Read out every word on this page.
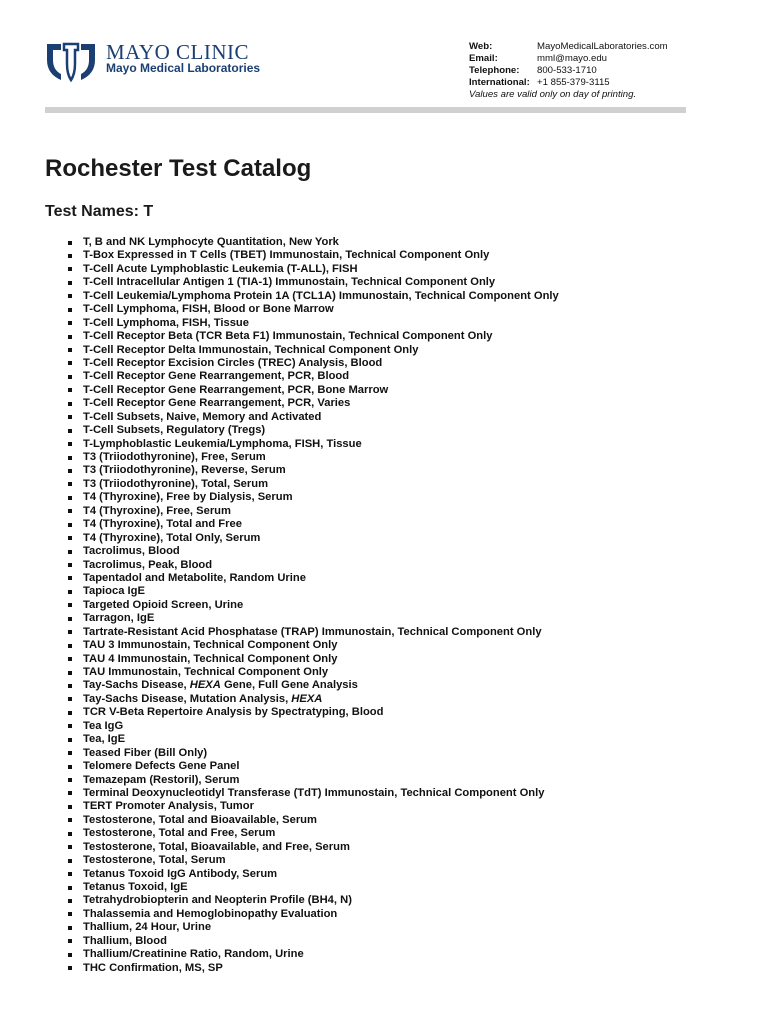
MAYO CLINIC
Mayo Medical Laboratories
Web:	MayoMedicalLaboratories.com
Email:	mml@mayo.edu
Telephone:	800-533-1710
International: +1 855-379-3115
Values are valid only on day of printing.
Rochester Test Catalog
Test Names: T
T, B and NK Lymphocyte Quantitation, New York
T-Box Expressed in T Cells (TBET) Immunostain, Technical Component Only
T-Cell Acute Lymphoblastic Leukemia (T-ALL), FISH
T-Cell Intracellular Antigen 1 (TIA-1) Immunostain, Technical Component Only
T-Cell Leukemia/Lymphoma Protein 1A (TCL1A) Immunostain, Technical Component Only
T-Cell Lymphoma, FISH, Blood or Bone Marrow
T-Cell Lymphoma, FISH, Tissue
T-Cell Receptor Beta (TCR Beta F1) Immunostain, Technical Component Only
T-Cell Receptor Delta Immunostain, Technical Component Only
T-Cell Receptor Excision Circles (TREC) Analysis, Blood
T-Cell Receptor Gene Rearrangement, PCR, Blood
T-Cell Receptor Gene Rearrangement, PCR, Bone Marrow
T-Cell Receptor Gene Rearrangement, PCR, Varies
T-Cell Subsets, Naive, Memory and Activated
T-Cell Subsets, Regulatory (Tregs)
T-Lymphoblastic Leukemia/Lymphoma, FISH, Tissue
T3 (Triiodothyronine), Free, Serum
T3 (Triiodothyronine), Reverse, Serum
T3 (Triiodothyronine), Total, Serum
T4 (Thyroxine), Free by Dialysis, Serum
T4 (Thyroxine), Free, Serum
T4 (Thyroxine), Total and Free
T4 (Thyroxine), Total Only, Serum
Tacrolimus, Blood
Tacrolimus, Peak, Blood
Tapentadol and Metabolite, Random Urine
Tapioca IgE
Targeted Opioid Screen, Urine
Tarragon, IgE
Tartrate-Resistant Acid Phosphatase (TRAP) Immunostain, Technical Component Only
TAU 3 Immunostain, Technical Component Only
TAU 4 Immunostain, Technical Component Only
TAU Immunostain, Technical Component Only
Tay-Sachs Disease, HEXA Gene, Full Gene Analysis
Tay-Sachs Disease, Mutation Analysis, HEXA
TCR V-Beta Repertoire Analysis by Spectratyping, Blood
Tea IgG
Tea, IgE
Teased Fiber (Bill Only)
Telomere Defects Gene Panel
Temazepam (Restoril), Serum
Terminal Deoxynucleotidyl Transferase (TdT) Immunostain, Technical Component Only
TERT Promoter Analysis, Tumor
Testosterone, Total and Bioavailable, Serum
Testosterone, Total and Free, Serum
Testosterone, Total, Bioavailable, and Free, Serum
Testosterone, Total, Serum
Tetanus Toxoid IgG Antibody, Serum
Tetanus Toxoid, IgE
Tetrahydrobiopterin and Neopterin Profile (BH4, N)
Thalassemia and Hemoglobinopathy Evaluation
Thallium, 24 Hour, Urine
Thallium, Blood
Thallium/Creatinine Ratio, Random, Urine
THC Confirmation, MS, SP
